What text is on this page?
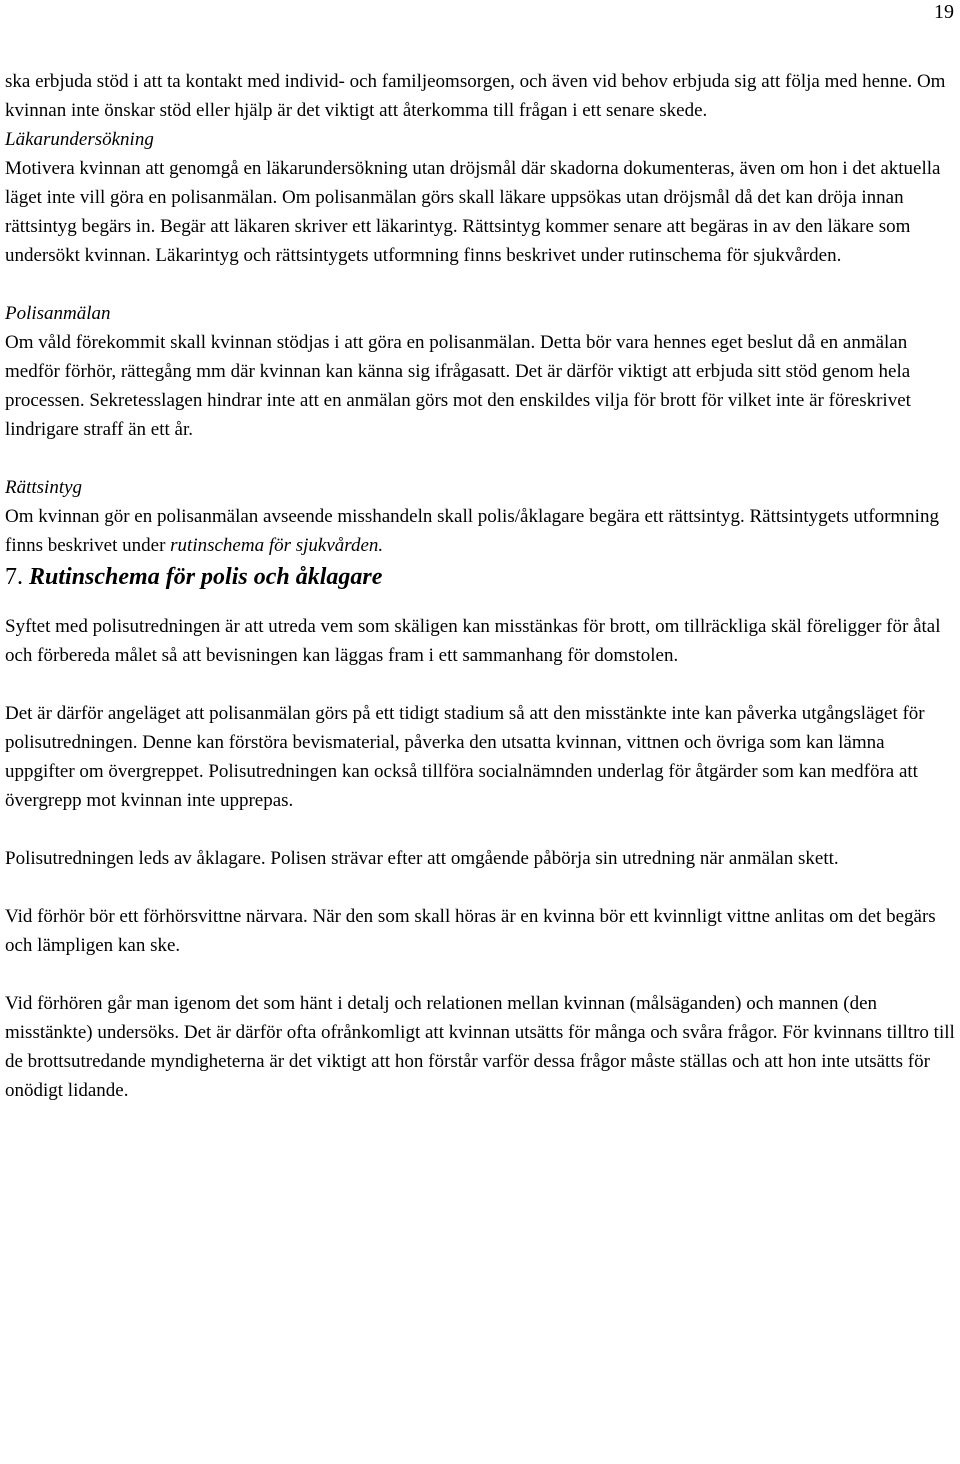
19

ska erbjuda stöd i att ta kontakt med individ- och familjeomsorgen, och även vid behov erbjuda sig att följa med henne. Om kvinnan inte önskar stöd eller hjälp är det viktigt att återkomma till frågan i ett senare skede.

Läkarundersökning

Motivera kvinnan att genomgå en läkarundersökning utan dröjsmål där skadorna dokumenteras, även om hon i det aktuella läget inte vill göra en polisanmälan. Om polisanmälan görs skall läkare uppsökas utan dröjsmål då det kan dröja innan rättsintyg begärs in. Begär att läkaren skriver ett läkarintyg. Rättsintyg kommer senare att begäras in av den läkare som undersökt kvinnan. Läkarintyg och rättsintygets utformning finns beskrivet under rutinschema för sjukvården.

Polisanmälan

Om våld förekommit skall kvinnan stödjas i att göra en polisanmälan. Detta bör vara hennes eget beslut då en anmälan medför förhör, rättegång mm där kvinnan kan känna sig ifrågasatt. Det är därför viktigt att erbjuda sitt stöd genom hela processen. Sekretesslagen hindrar inte att en anmälan görs mot den enskildes vilja för brott för vilket inte är föreskrivet lindrigare straff än ett år.

Rättsintyg

Om kvinnan gör en polisanmälan avseende misshandeln skall polis/åklagare begära ett rättsintyg. Rättsintygets utformning finns beskrivet under rutinschema för sjukvården.

7. Rutinschema för polis och åklagare

Syftet med polisutredningen är att utreda vem som skäligen kan misstänkas för brott, om tillräckliga skäl föreligger för åtal och förbereda målet så att bevisningen kan läggas fram i ett sammanhang för domstolen.

Det är därför angeläget att polisanmälan görs på ett tidigt stadium så att den misstänkte inte kan påverka utgångsläget för polisutredningen. Denne kan förstöra bevismaterial, påverka den utsatta kvinnan, vittnen och övriga som kan lämna uppgifter om övergreppet. Polisutredningen kan också tillföra socialnämnden underlag för åtgärder som kan medföra att övergrepp mot kvinnan inte upprepas.

Polisutredningen leds av åklagare. Polisen strävar efter att omgående påbörja sin utredning när anmälan skett.

Vid förhör bör ett förhörsvittne närvara. När den som skall höras är en kvinna bör ett kvinnligt vittne anlitas om det begärs och lämpligen kan ske.

Vid förhören går man igenom det som hänt i detalj och relationen mellan kvinnan (målsäganden) och mannen (den misstänkte) undersöks. Det är därför ofta ofrånkomligt att kvinnan utsätts för många och svåra frågor. För kvinnans tilltro till de brottsutredande myndigheterna är det viktigt att hon förstår varför dessa frågor måste ställas och att hon inte utsätts för onödigt lidande.
